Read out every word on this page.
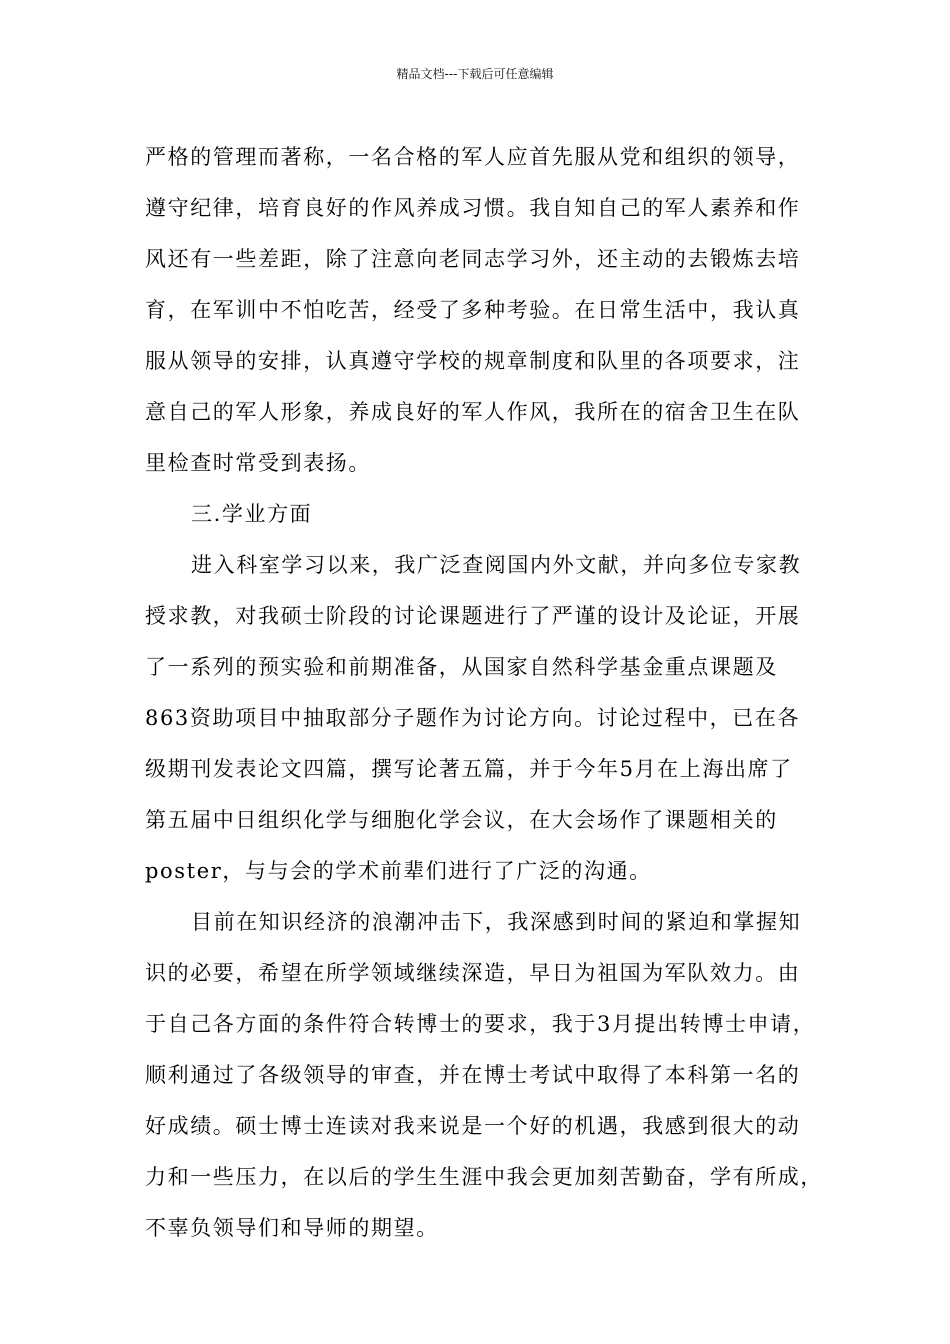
精品文档---下载后可任意编辑
严格的管理而著称，一名合格的军人应首先服从党和组织的领导，
遵守纪律，培育良好的作风养成习惯。我自知自己的军人素养和作
风还有一些差距，除了注意向老同志学习外，还主动的去锻炼去培
育，在军训中不怕吃苦，经受了多种考验。在日常生活中，我认真
服从领导的安排，认真遵守学校的规章制度和队里的各项要求，注
意自己的军人形象，养成良好的军人作风，我所在的宿舍卫生在队
里检查时常受到表扬。
三.学业方面
进入科室学习以来，我广泛查阅国内外文献，并向多位专家教
授求教，对我硕士阶段的讨论课题进行了严谨的设计及论证，开展
了一系列的预实验和前期准备，从国家自然科学基金重点课题及
863资助项目中抽取部分子题作为讨论方向。讨论过程中，已在各
级期刊发表论文四篇，撰写论著五篇，并于今年5月在上海出席了
第五届中日组织化学与细胞化学会议，在大会场作了课题相关的
poster，与与会的学术前辈们进行了广泛的沟通。
目前在知识经济的浪潮冲击下，我深感到时间的紧迫和掌握知
识的必要，希望在所学领域继续深造，早日为祖国为军队效力。由
于自己各方面的条件符合转博士的要求，我于3月提出转博士申请，
顺利通过了各级领导的审查，并在博士考试中取得了本科第一名的
好成绩。硕士博士连读对我来说是一个好的机遇，我感到很大的动
力和一些压力，在以后的学生生涯中我会更加刻苦勤奋，学有所成，
不辜负领导们和导师的期望。
